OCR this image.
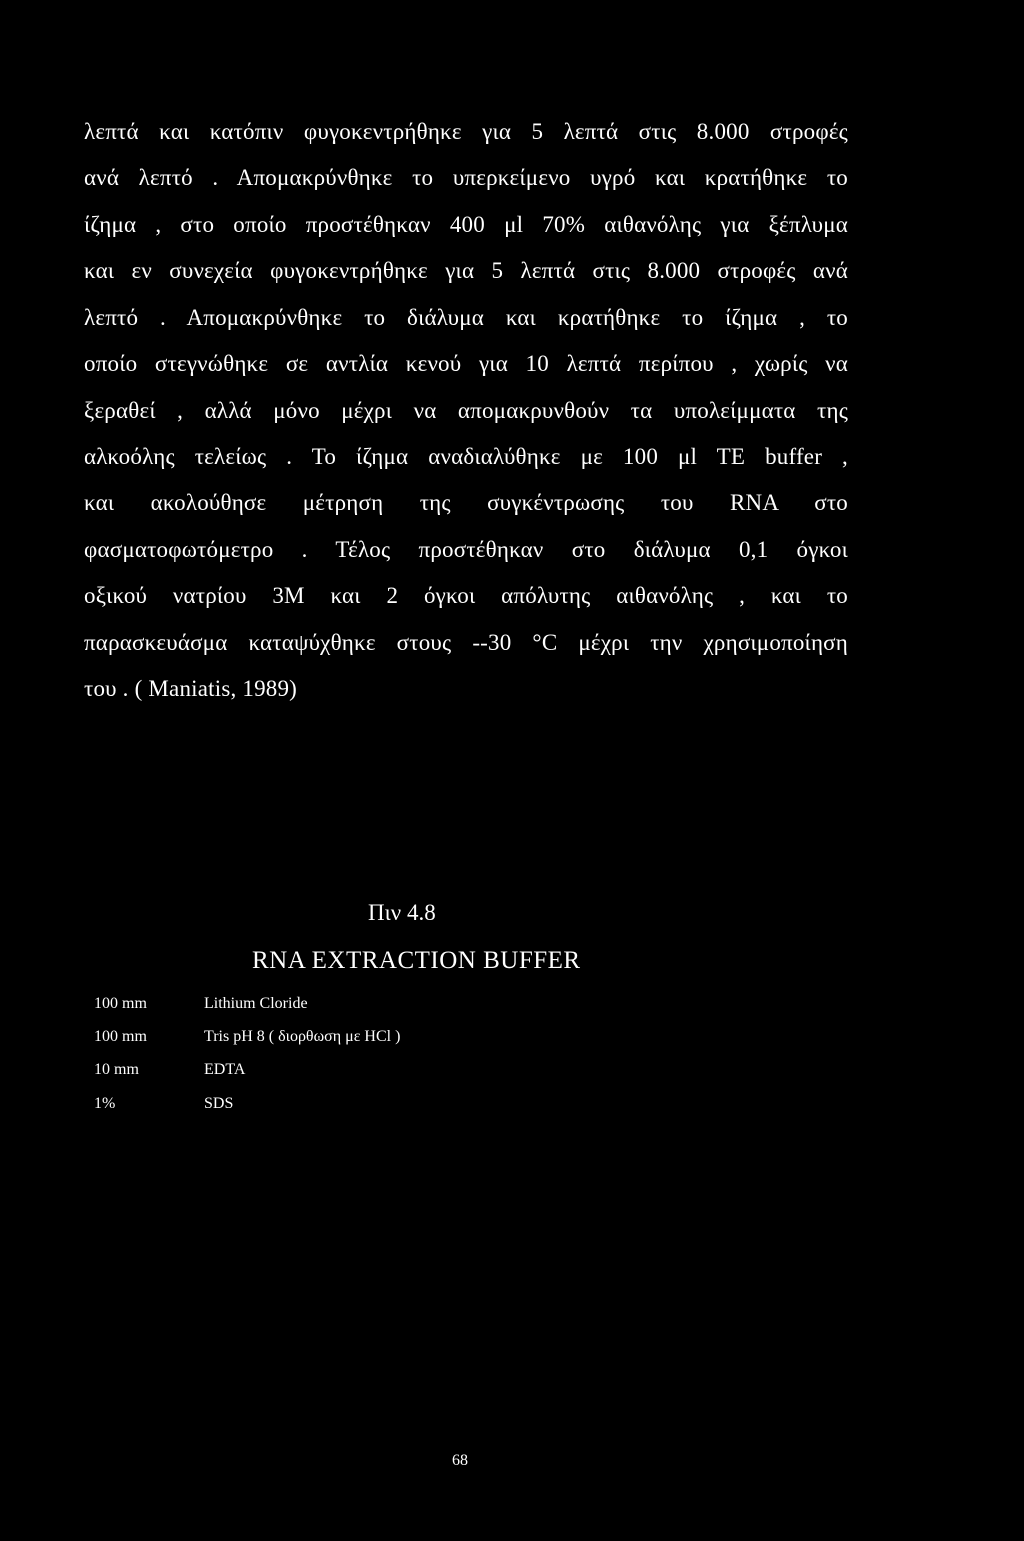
λεπτά και κατόπιν φυγοκεντρήθηκε για 5 λεπτά στις 8.000 στροφές
ανά λεπτό . Απομακρύνθηκε το υπερκείμενο υγρό και κρατήθηκε το
ίζημα , στο οποίο προστέθηκαν 400 μl 70% αιθανόλης για ξέπλυμα
και εν συνεχεία φυγοκεντρήθηκε για 5 λεπτά στις 8.000 στροφές ανά
λεπτό . Απομακρύνθηκε το διάλυμα και κρατήθηκε το ίζημα , το
οποίο στεγνώθηκε σε αντλία κενού για 10 λεπτά περίπου , χωρίς να
ξεραθεί , αλλά μόνο μέχρι να απομακρυνθούν τα υπολείμματα της
αλκοόλης τελείως . Το ίζημα αναδιαλύθηκε με 100 μl TE buffer ,
και ακολούθησε μέτρηση της συγκέντρωσης του RNA στο
φασματοφωτόμετρο . Τέλος προστέθηκαν στο διάλυμα 0,1 όγκοι
οξικού νατρίου 3M και 2 όγκοι απόλυτης αιθανόλης , και το
παρασκευάσμα καταψύχθηκε στους --30 °C μέχρι την χρησιμοποίηση
του . ( Maniatis, 1989)
Πιν 4.8
RNA EXTRACTION BUFFER
100 mm	Lithium Cloride
100 mm	Tris pH 8 ( διορθωση με HCl )
10 mm	EDTA
1%	SDS
68
